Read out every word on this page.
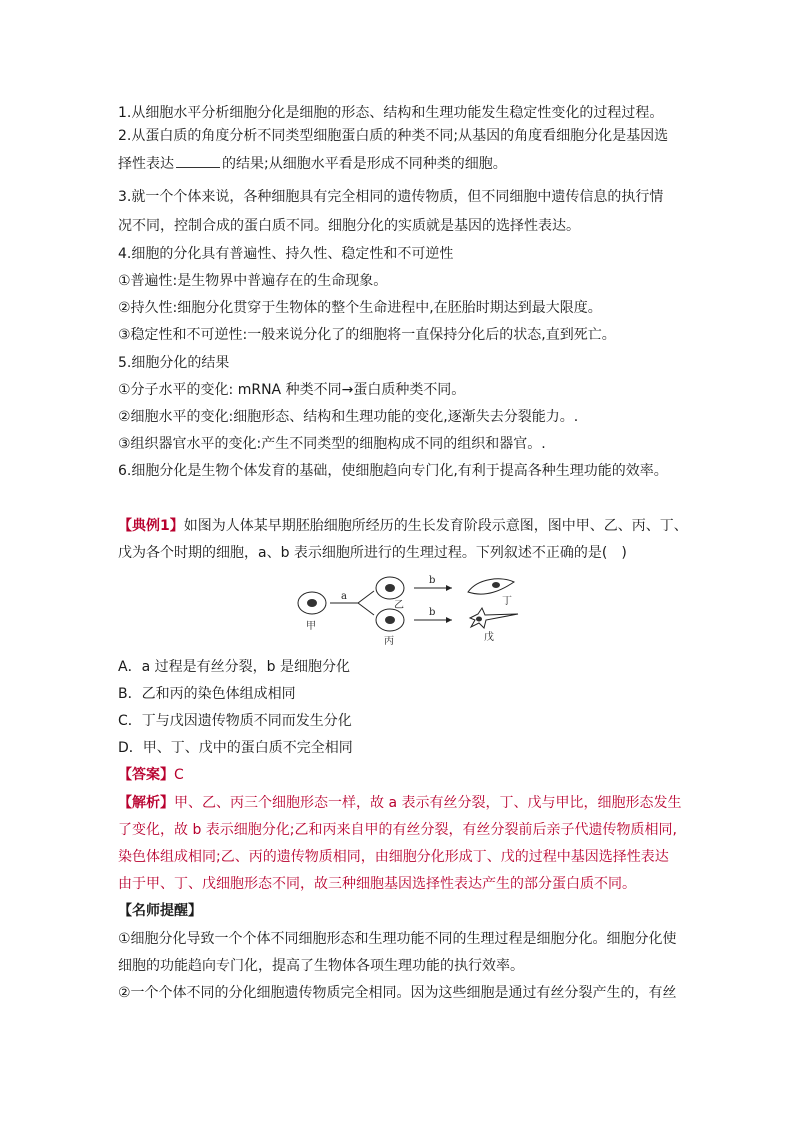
1.从细胞水平分析细胞分化是细胞的形态、结构和生理功能发生稳定性变化的过程过程。
2.从蛋白质的角度分析不同类型细胞蛋白质的种类不同;从基因的角度看细胞分化是基因选
择性表达	的结果;从细胞水平看是形成不同种类的细胞。
3.就一个个体来说，各种细胞具有完全相同的遗传物质，但不同细胞中遗传信息的执行情
况不同，控制合成的蛋白质不同。细胞分化的实质就是基因的选择性表达。
4.细胞的分化具有普遍性、持久性、稳定性和不可逆性
①普遍性:是生物界中普遍存在的生命现象。
②持久性:细胞分化贯穿于生物体的整个生命进程中,在胚胎时期达到最大限度。
③稳定性和不可逆性:一般来说分化了的细胞将一直保持分化后的状态,直到死亡。
5.细胞分化的结果
①分子水平的变化: mRNA 种类不同→蛋白质种类不同。
②细胞水平的变化:细胞形态、结构和生理功能的变化,逐渐失去分裂能力。.
③组织器官水平的变化:产生不同类型的细胞构成不同的组织和器官。.
6.细胞分化是生物个体发育的基础，使细胞趋向专门化,有利于提高各种生理功能的效率。
【典例1】如图为人体某早期胚胎细胞所经历的生长发育阶段示意图，图中甲、乙、丙、丁、
戊为各个时期的细胞，a、b 表示细胞所进行的生理过程。下列叙述不正确的是(　)
甲
a
乙
丙
b
b
丁
戊
A．a 过程是有丝分裂，b 是细胞分化
B．乙和丙的染色体组成相同
C．丁与戊因遗传物质不同而发生分化
D．甲、丁、戊中的蛋白质不完全相同
【答案】C
【解析】甲、乙、丙三个细胞形态一样，故 a 表示有丝分裂，丁、戊与甲比，细胞形态发生
了变化，故 b 表示细胞分化;乙和丙来自甲的有丝分裂，有丝分裂前后亲子代遗传物质相同,
染色体组成相同;乙、丙的遗传物质相同，由细胞分化形成丁、戊的过程中基因选择性表达
由于甲、丁、戊细胞形态不同，故三种细胞基因选择性表达产生的部分蛋白质不同。
【名师提醒】
①细胞分化导致一个个体不同细胞形态和生理功能不同的生理过程是细胞分化。细胞分化使
细胞的功能趋向专门化，提高了生物体各项生理功能的执行效率。
②一个个体不同的分化细胞遗传物质完全相同。因为这些细胞是通过有丝分裂产生的，有丝
